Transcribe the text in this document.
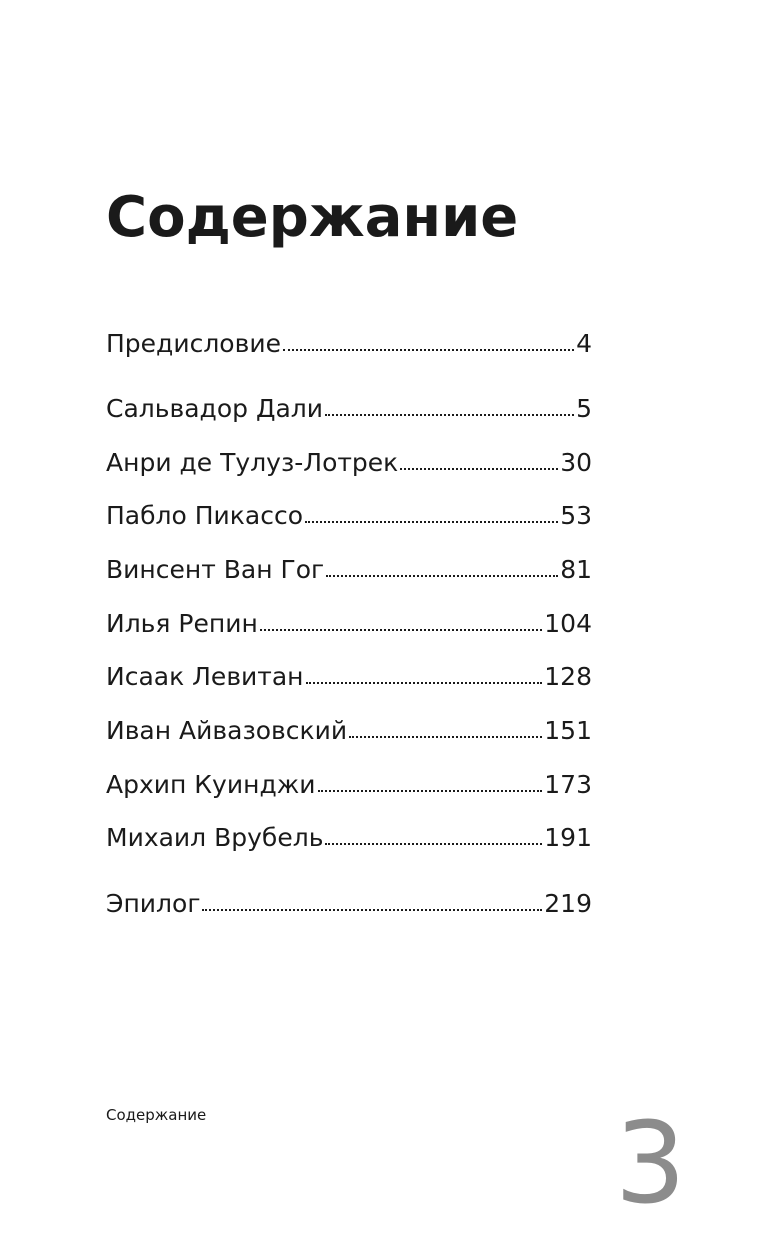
Содержание
Предисловие	4
Сальвадор Дали	5
Анри де Тулуз-Лотрек	30
Пабло Пикассо	53
Винсент Ван Гог	81
Илья Репин	104
Исаак Левитан	128
Иван Айвазовский	151
Архип Куинджи	173
Михаил Врубель	191
Эпилог	219
Содержание	3
